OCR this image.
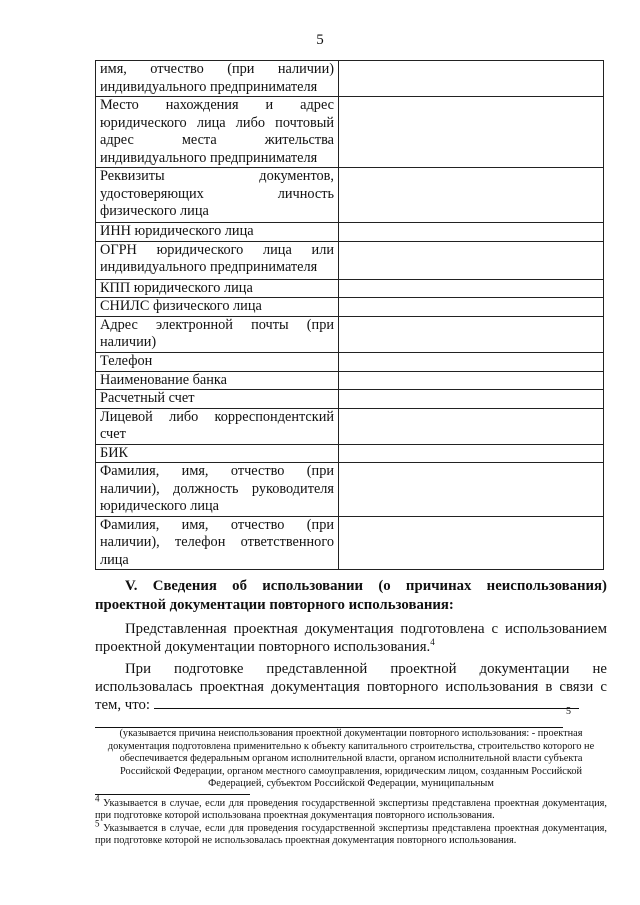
5
имя, отчество (при наличии) индивидуального предпринимателя	
Место нахождения и адрес юридического лица либо почтовый адрес места жительства индивидуального предпринимателя	
Реквизиты документов, удостоверяющих личность физического лица	
ИНН юридического лица	
ОГРН юридического лица или индивидуального предпринимателя	
КПП юридического лица	
СНИЛС физического лица	
Адрес электронной почты (при наличии)	
Телефон	
Наименование банка	
Расчетный счет	
Лицевой либо корреспондентский счет	
БИК	
Фамилия, имя, отчество (при наличии), должность руководителя юридического лица	
Фамилия, имя, отчество (при наличии), телефон ответственного лица	
V. Сведения об использовании (о причинах неиспользования) проектной документации повторного использования:
Представленная проектная документация подготовлена с использованием проектной документации повторного использования.$^4$
При подготовке представленной проектной документации не использовалась проектная документация повторного использования в связи с тем, что:	5
(указывается причина неиспользования проектной документации повторного использования: - проектная документация подготовлена применительно к объекту капитального строительства, строительство которого не обеспечивается федеральным органом исполнительной власти, органом исполнительной власти субъекта Российской Федерации, органом местного самоуправления, юридическим лицом, созданным Российской Федерацией, субъектом Российской Федерации, муниципальным
$^4$ Указывается в случае, если для проведения государственной экспертизы представлена проектная документация, при подготовке которой использована проектная документация повторного использования.
$^5$ Указывается в случае, если для проведения государственной экспертизы представлена проектная документация, при подготовке которой не использовалась проектная документация повторного использования.
